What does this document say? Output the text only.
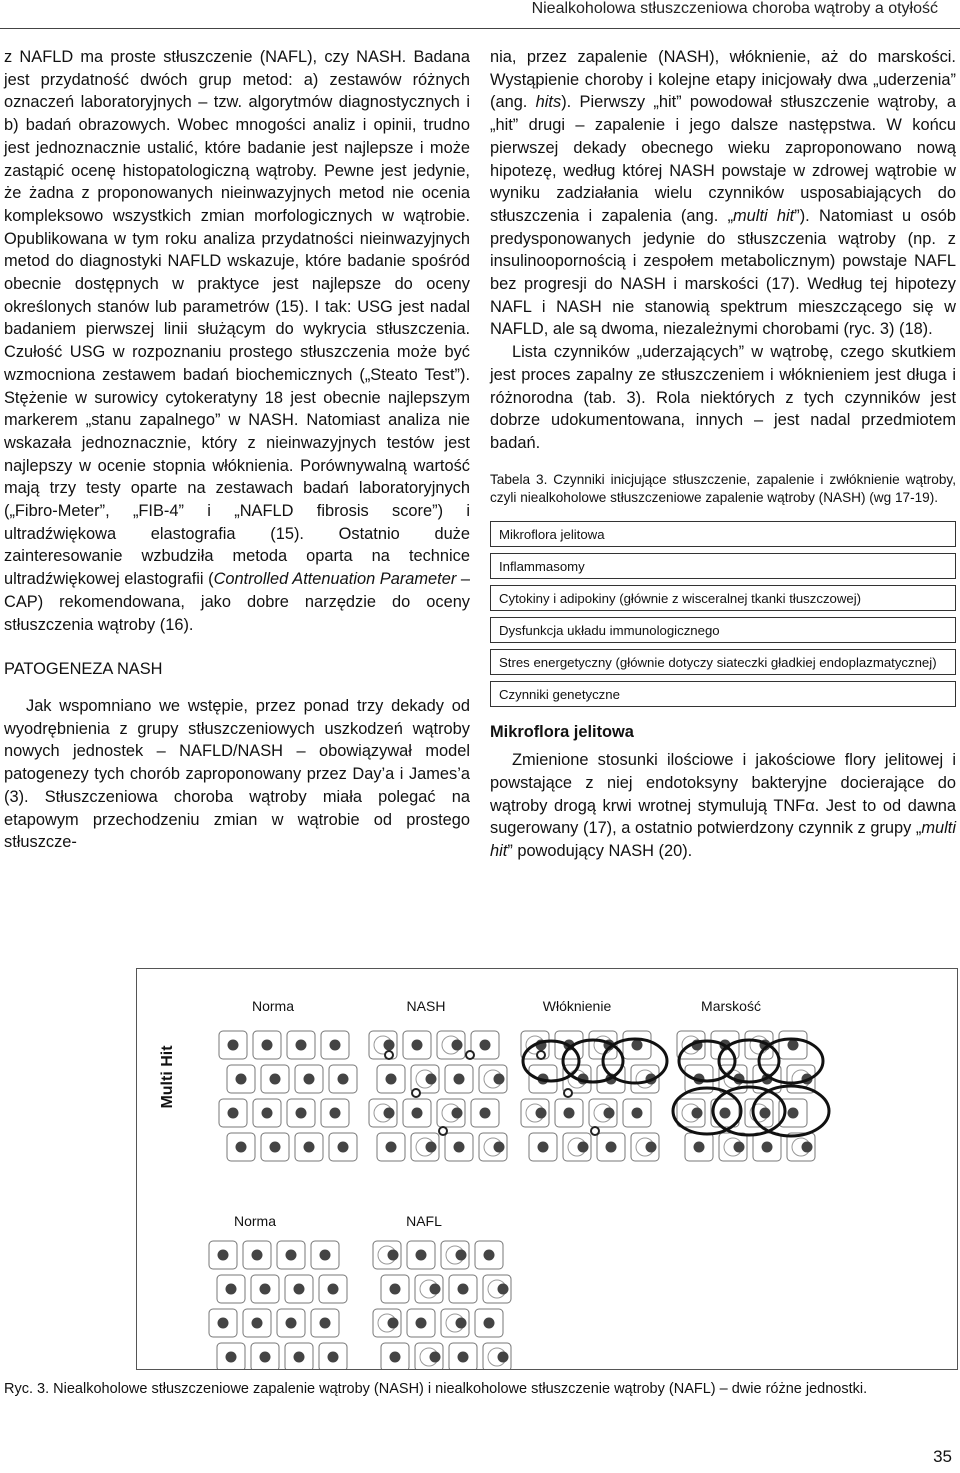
Niealkoholowa stłuszczeniowa choroba wątroby a otyłość

z NAFLD ma proste stłuszczenie (NAFL), czy NASH. Badana jest przydatność dwóch grup metod: a) zestawów różnych oznaczeń laboratoryjnych – tzw. algorytmów diagnostycznych i b) badań obrazowych. Wobec mnogości analiz i opinii, trudno jest jednoznacznie ustalić, które badanie jest najlepsze i może zastąpić ocenę histopatologiczną wątroby. Pewne jest jedynie, że żadna z proponowanych nieinwazyjnych metod nie ocenia kompleksowo wszystkich zmian morfologicznych w wątrobie. Opublikowana w tym roku analiza przydatności nieinwazyjnych metod do diagnostyki NAFLD wskazuje, które badanie spośród obecnie dostępnych w praktyce jest najlepsze do oceny określonych stanów lub parametrów (15). I tak: USG jest nadal badaniem pierwszej linii służącym do wykrycia stłuszczenia. Czułość USG w rozpoznaniu prostego stłuszczenia może być wzmocniona zestawem badań biochemicznych („Steato Test”). Stężenie w surowicy cytokeratyny 18 jest obecnie najlepszym markerem „stanu zapalnego” w NASH. Natomiast analiza nie wskazała jednoznacznie, który z nieinwazyjnych testów jest najlepszy w ocenie stopnia włóknienia. Porównywalną wartość mają trzy testy oparte na zestawach badań laboratoryjnych („Fibro-Meter”, „FIB-4” i „NAFLD fibrosis score”) i ultradźwiękowa elastografia (15). Ostatnio duże zainteresowanie wzbudziła metoda oparta na technice ultradźwiękowej elastografii (Controlled Attenuation Parameter – CAP) rekomendowana, jako dobre narzędzie do oceny stłuszczenia wątroby (16).

PATOGENEZA NASH

Jak wspomniano we wstępie, przez ponad trzy dekady od wyodrębnienia z grupy stłuszczeniowych uszkodzeń wątroby nowych jednostek – NAFLD/NASH – obowiązywał model patogenezy tych chorób zaproponowany przez Day’a i James’a (3). Stłuszczeniowa choroba wątroby miała polegać na etapowym przechodzeniu zmian w wątrobie od prostego stłuszcze-

nia, przez zapalenie (NASH), włóknienie, aż do marskości. Wystąpienie choroby i kolejne etapy inicjowały dwa „uderzenia” (ang. hits). Pierwszy „hit” powodował stłuszczenie wątroby, a „hit” drugi – zapalenie i jego dalsze następstwa. W końcu pierwszej dekady obecnego wieku zaproponowano nową hipotezę, według której NASH powstaje w zdrowej wątrobie w wyniku zadziałania wielu czynników usposabiających do stłuszczenia i zapalenia (ang. „multi hit”). Natomiast u osób predysponowanych jedynie do stłuszczenia wątroby (np. z insulinoopornością i zespołem metabolicznym) powstaje NAFL bez progresji do NASH i marskości (17). Według tej hipotezy NAFL i NASH nie stanowią spektrum mieszczącego się w NAFLD, ale są dwoma, niezależnymi chorobami (ryc. 3) (18).

Lista czynników „uderzających” w wątrobę, czego skutkiem jest proces zapalny ze stłuszczeniem i włóknieniem jest długa i różnorodna (tab. 3). Rola niektórych z tych czynników jest dobrze udokumentowana, innych – jest nadal przedmiotem badań.

Tabela 3. Czynniki inicjujące stłuszczenie, zapalenie i zwłóknienie wątroby, czyli niealkoholowe stłuszczeniowe zapalenie wątroby (NASH) (wg 17-19).
Mikroflora jelitowa
Inflammasomy
Cytokiny i adipokiny (głównie z wisceralnej tkanki tłuszczowej)
Dysfunkcja układu immunologicznego
Stres energetyczny (głównie dotyczy siateczki gładkiej endoplazmatycznej)
Czynniki genetyczne
Mikroflora jelitowa

Zmienione stosunki ilościowe i jakościowe flory jelitowej i powstające z niej endotoksyny bakteryjne docierające do wątroby drogą krwi wrotnej stymulują TNFα. Jest to od dawna sugerowany (17), a ostatnio potwierdzony czynnik z grupy „multi hit” powodujący NASH (20).

Multi Hit
Norma	NASH	Włóknienie	Marskość
Norma	NAFL
Ryc. 3. Niealkoholowe stłuszczeniowe zapalenie wątroby (NASH) i niealkoholowe stłuszczenie wątroby (NAFL) – dwie różne jednostki.
35
